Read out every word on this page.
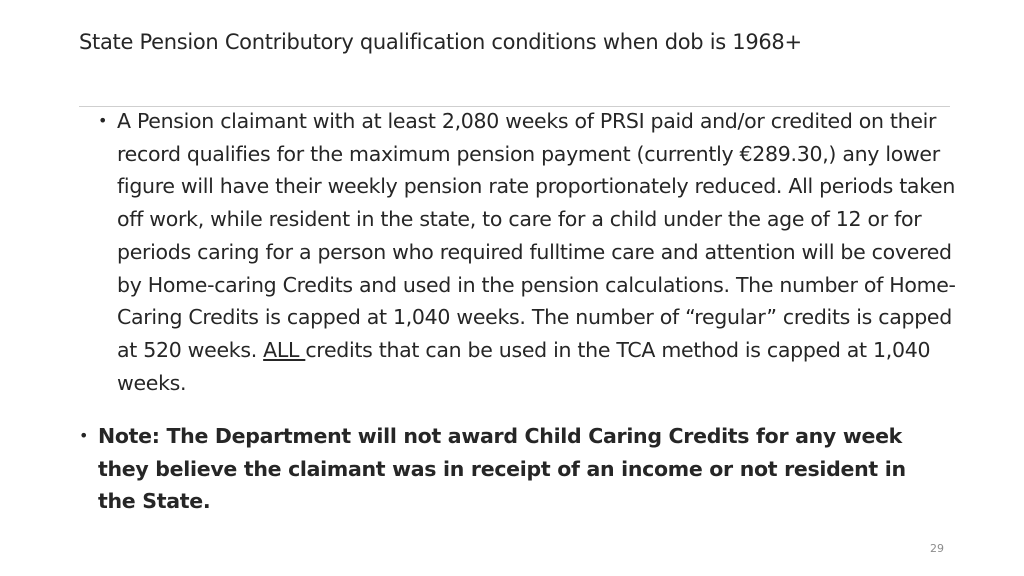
State Pension Contributory qualification conditions when dob is 1968+
• A Pension claimant with at least 2,080 weeks of PRSI paid and/or credited on their record qualifies for the maximum pension payment (currently €289.30,) any lower figure will have their weekly pension rate proportionately reduced. All periods taken off work, while resident in the state, to care for a child under the age of 12 or for periods caring for a person who required fulltime care and attention will be covered by Home-caring Credits and used in the pension calculations. The number of Home-Caring Credits is capped at 1,040 weeks. The number of “regular” credits is capped at 520 weeks. ALL credits that can be used in the TCA method is capped at 1,040 weeks.
• Note: The Department will not award Child Caring Credits for any week they believe the claimant was in receipt of an income or not resident in the State.
29
